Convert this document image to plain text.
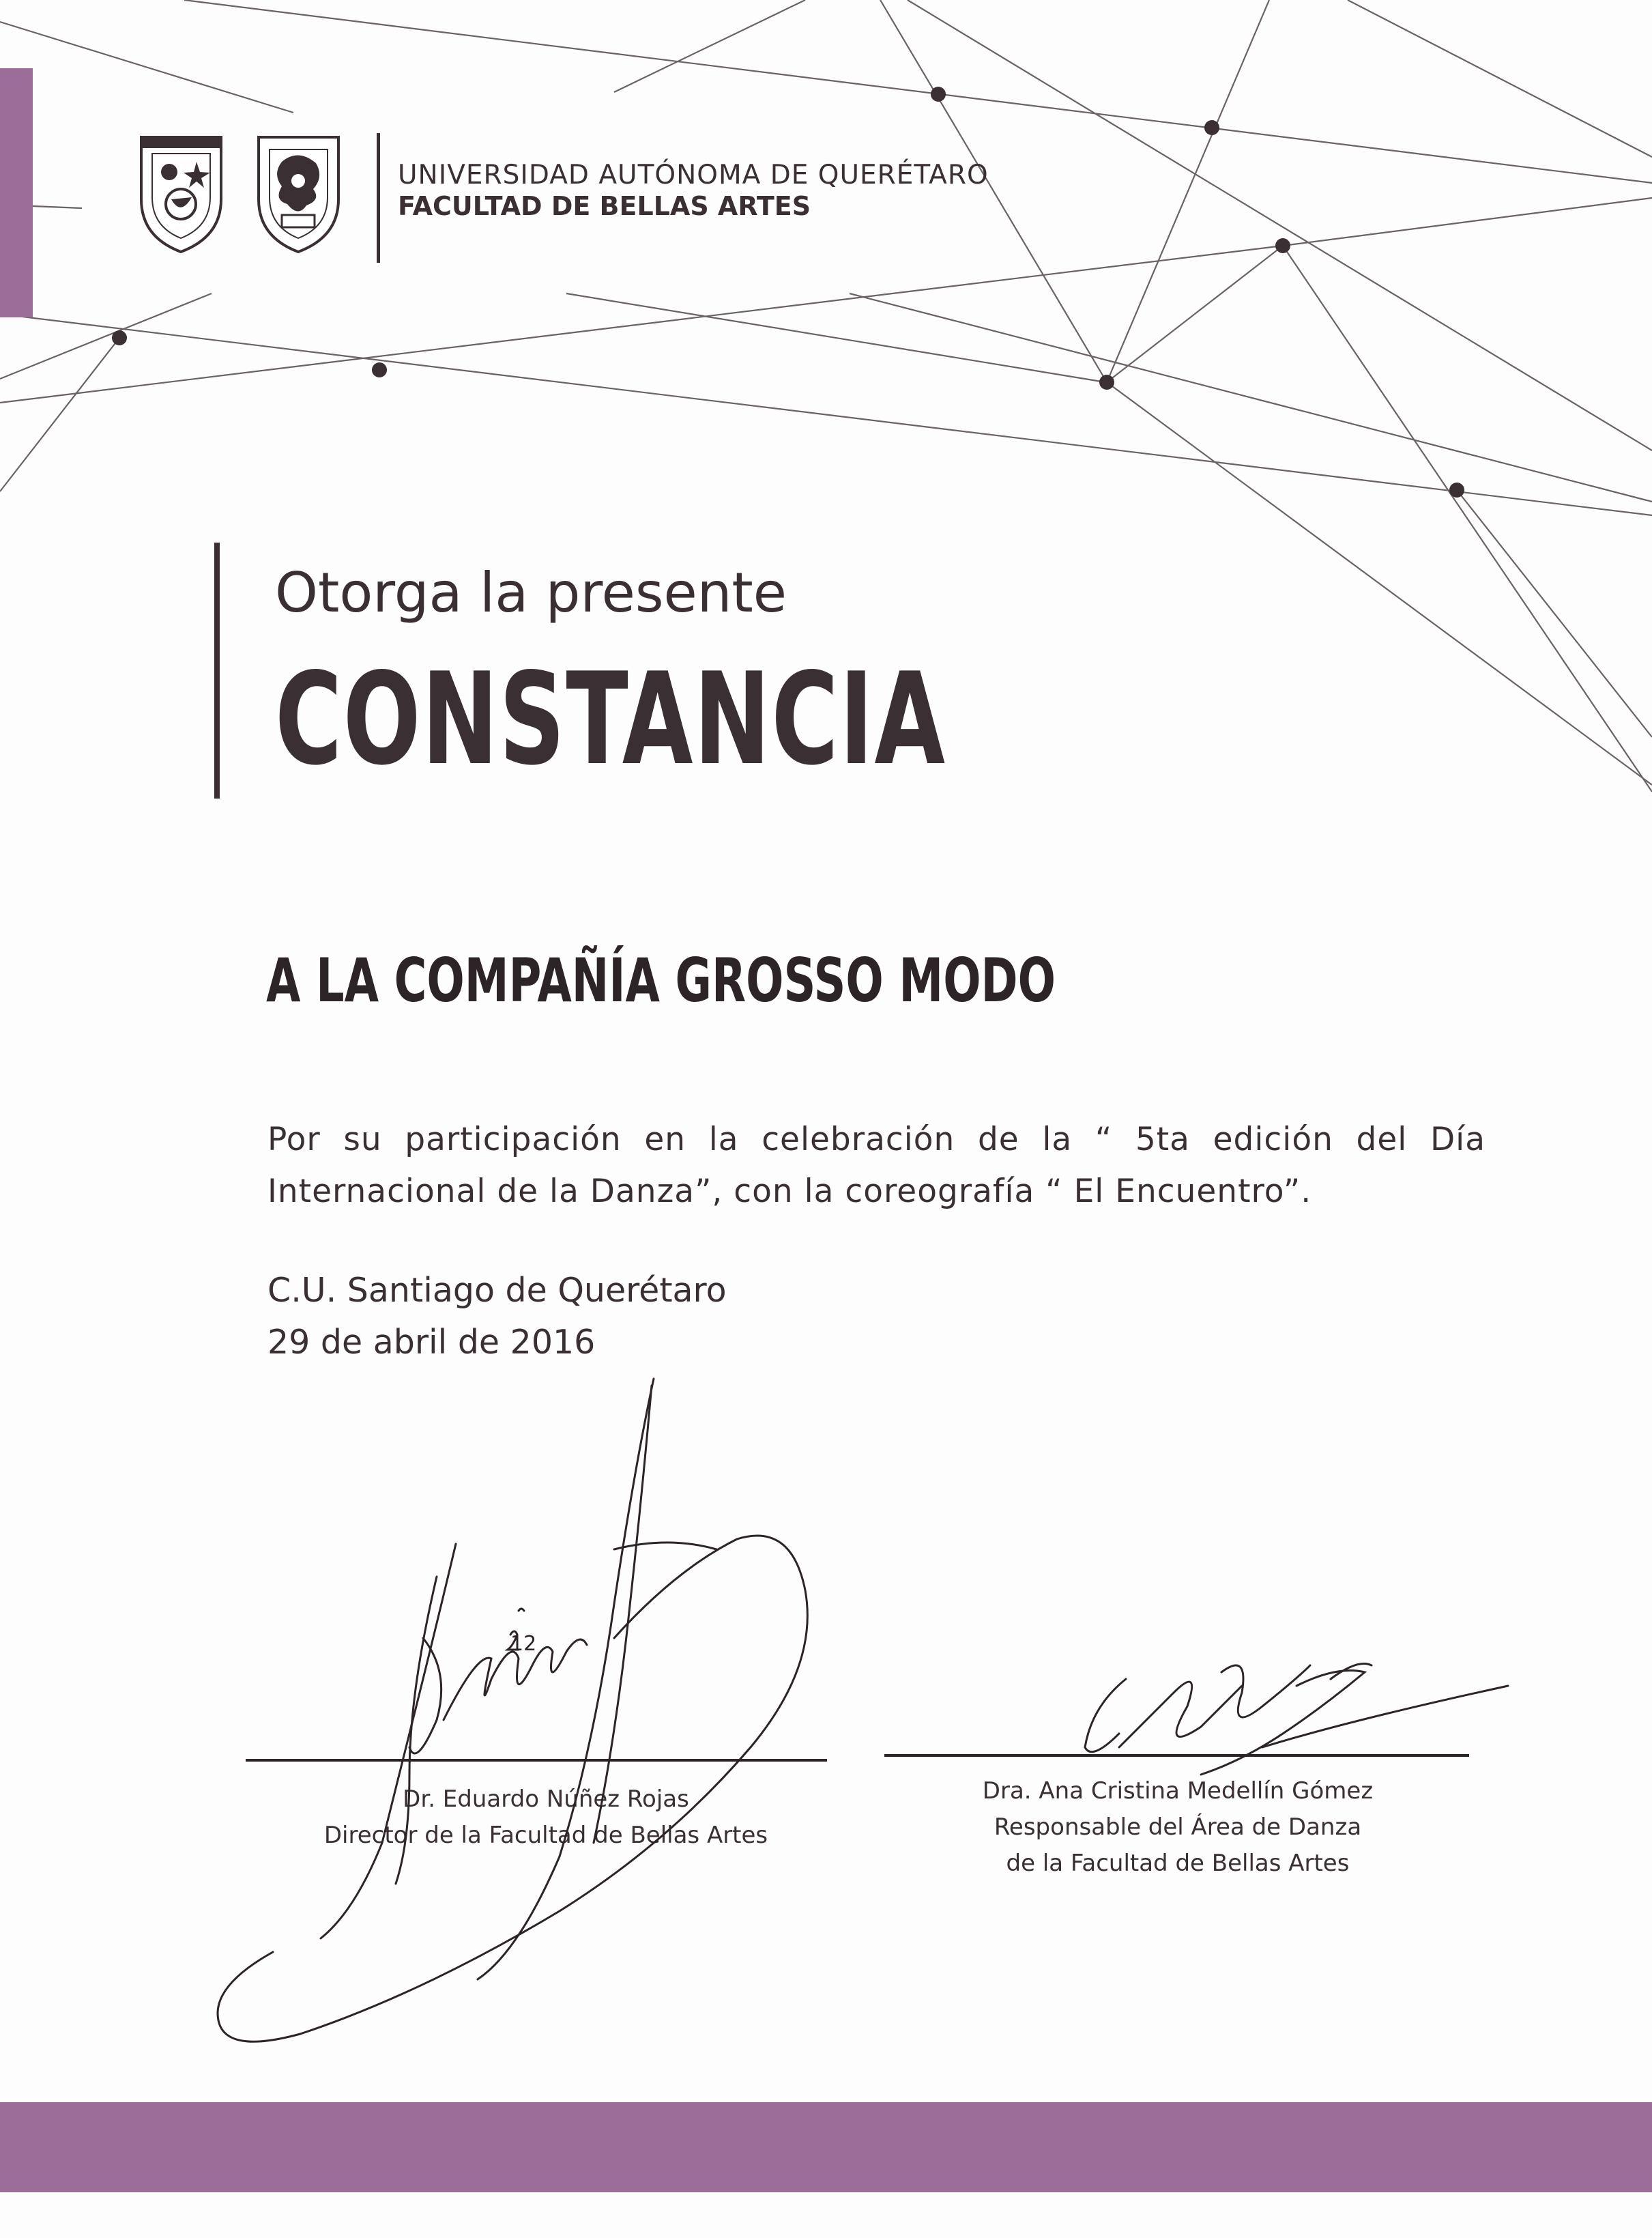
UNIVERSIDAD AUTÓNOMA DE QUERÉTARO
FACULTAD DE BELLAS ARTES
Otorga la presente
CONSTANCIA
A LA COMPAÑÍA GROSSO MODO
Por su participación en la celebración de la “ 5ta edición del Día Internacional de la Danza”, con la coreografía “ El Encuentro”.
C.U. Santiago de Querétaro
29 de abril de 2016
Dr. Eduardo Núñez Rojas
Director de la Facultad de Bellas Artes
Dra. Ana Cristina Medellín Gómez
Responsable del Área de Danza
de la Facultad de Bellas Artes
12
